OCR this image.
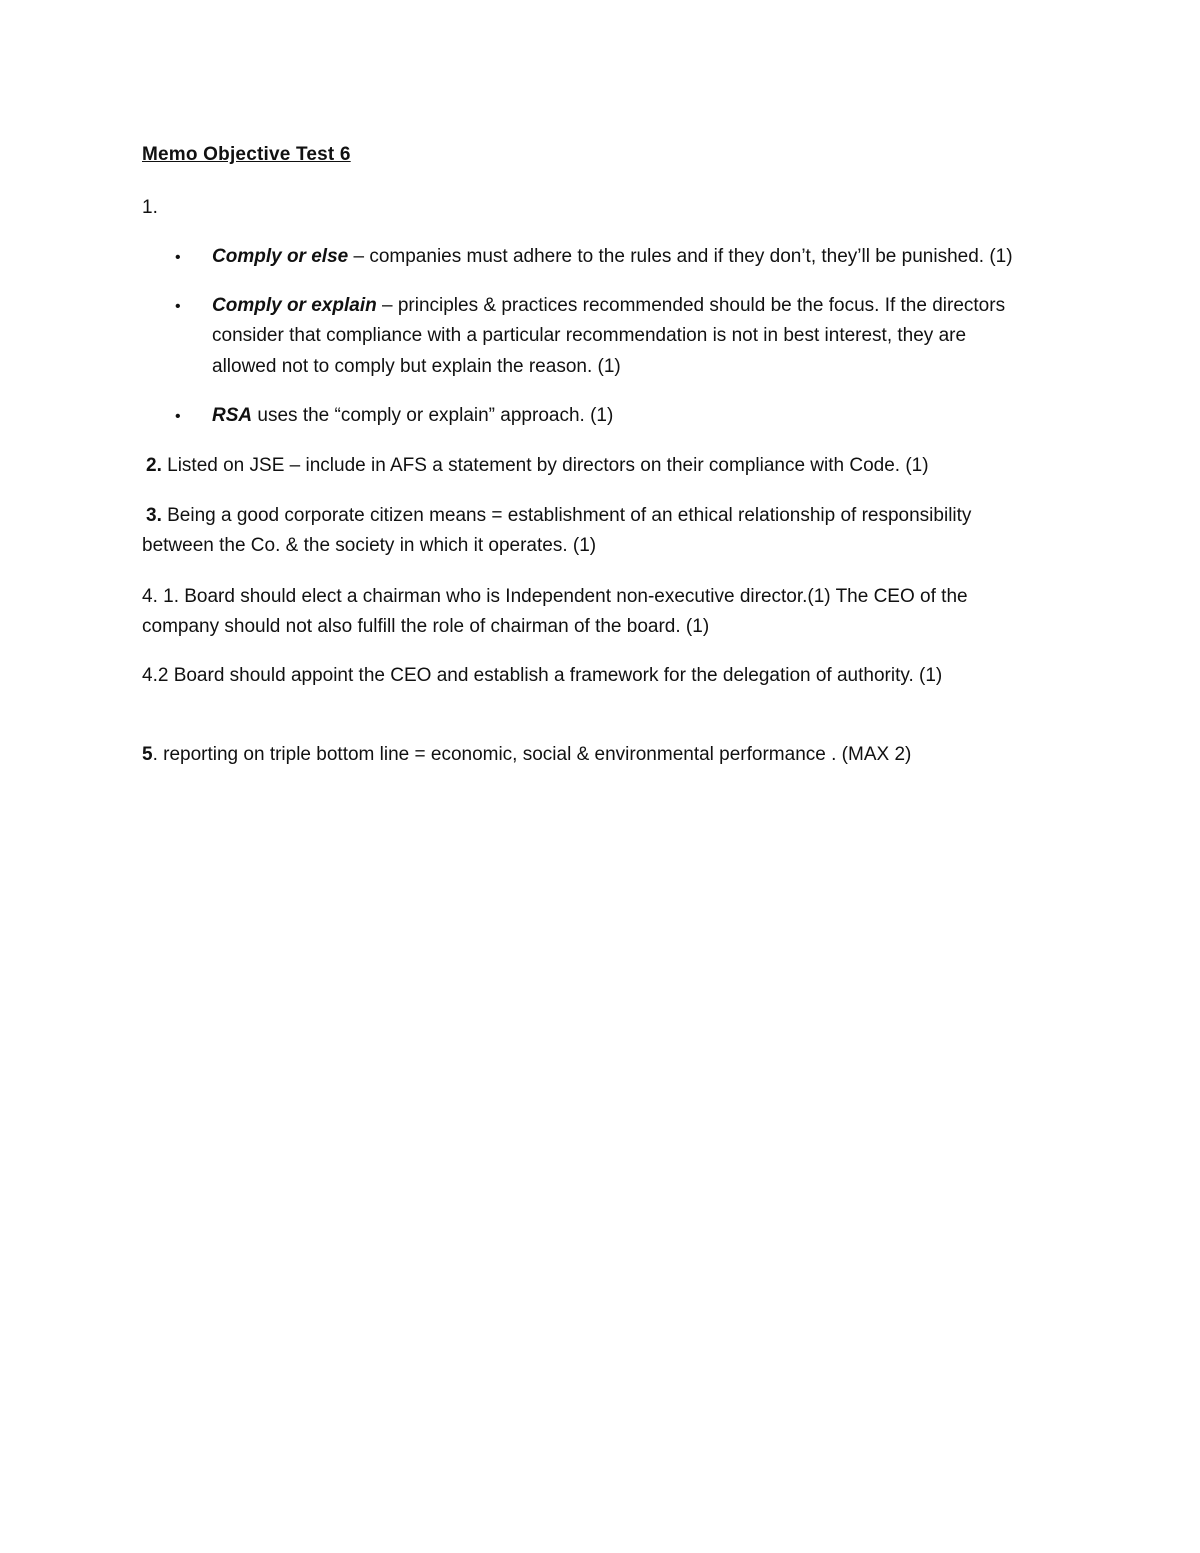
Memo Objective Test 6
1.
• Comply or else – companies must adhere to the rules and if they don’t, they’ll be punished. (1)
• Comply or explain – principles & practices recommended should be the focus. If the directors
consider that compliance with a particular recommendation is not in best interest, they are
allowed not to comply but explain the reason. (1)
• RSA uses the “comply or explain” approach. (1)
2. Listed on JSE – include in AFS a statement by directors on their compliance with Code. (1)
3. Being a good corporate citizen means = establishment of an ethical relationship of responsibility
between the Co. & the society in which it operates. (1)
4. 1. Board should elect a chairman who is Independent non-executive director.(1) The CEO of the
company should not also fulfill the role of chairman of the board. (1)
4.2 Board should appoint the CEO and establish a framework for the delegation of authority. (1)
5. reporting on triple bottom line = economic, social & environmental performance . (MAX 2)
